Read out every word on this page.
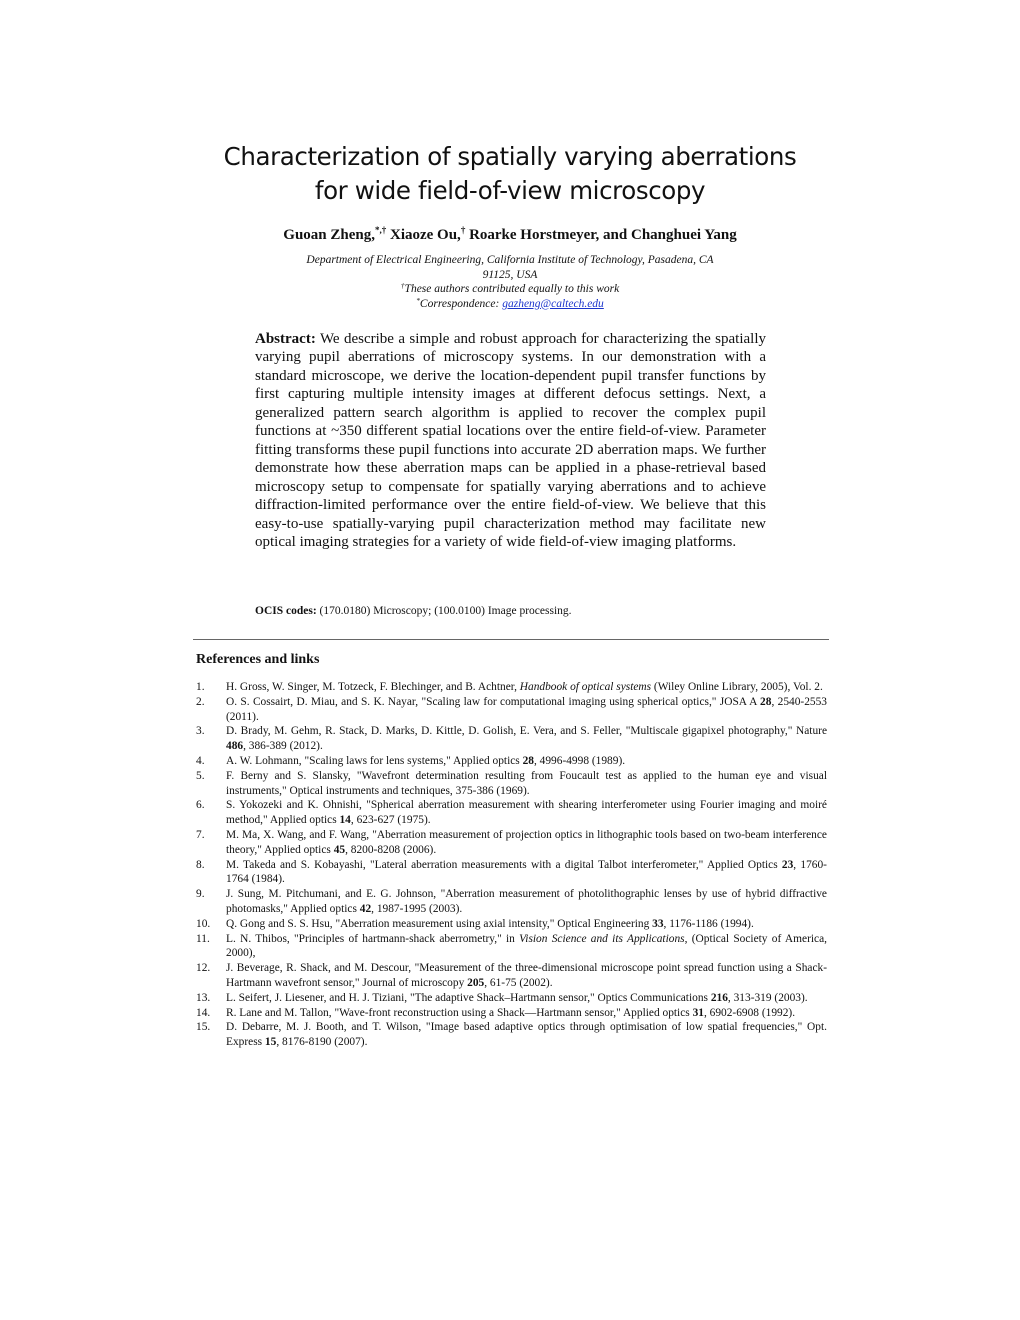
Characterization of spatially varying aberrations
for wide field-of-view microscopy
Guoan Zheng,*,† Xiaoze Ou,† Roarke Horstmeyer, and Changhuei Yang
Department of Electrical Engineering, California Institute of Technology, Pasadena, CA
91125, USA
†These authors contributed equally to this work
*Correspondence: gazheng@caltech.edu
Abstract: We describe a simple and robust approach for characterizing the spatially varying pupil aberrations of microscopy systems. In our demonstration with a standard microscope, we derive the location-dependent pupil transfer functions by first capturing multiple intensity images at different defocus settings. Next, a generalized pattern search algorithm is applied to recover the complex pupil functions at ~350 different spatial locations over the entire field-of-view. Parameter fitting transforms these pupil functions into accurate 2D aberration maps. We further demonstrate how these aberration maps can be applied in a phase-retrieval based microscopy setup to compensate for spatially varying aberrations and to achieve diffraction-limited performance over the entire field-of-view. We believe that this easy-to-use spatially-varying pupil characterization method may facilitate new optical imaging strategies for a variety of wide field-of-view imaging platforms.
OCIS codes: (170.0180) Microscopy; (100.0100) Image processing.
References and links
1. H. Gross, W. Singer, M. Totzeck, F. Blechinger, and B. Achtner, Handbook of optical systems (Wiley Online Library, 2005), Vol. 2.
2. O. S. Cossairt, D. Miau, and S. K. Nayar, "Scaling law for computational imaging using spherical optics," JOSA A 28, 2540-2553 (2011).
3. D. Brady, M. Gehm, R. Stack, D. Marks, D. Kittle, D. Golish, E. Vera, and S. Feller, "Multiscale gigapixel photography," Nature 486, 386-389 (2012).
4. A. W. Lohmann, "Scaling laws for lens systems," Applied optics 28, 4996-4998 (1989).
5. F. Berny and S. Slansky, "Wavefront determination resulting from Foucault test as applied to the human eye and visual instruments," Optical instruments and techniques, 375-386 (1969).
6. S. Yokozeki and K. Ohnishi, "Spherical aberration measurement with shearing interferometer using Fourier imaging and moiré method," Applied optics 14, 623-627 (1975).
7. M. Ma, X. Wang, and F. Wang, "Aberration measurement of projection optics in lithographic tools based on two-beam interference theory," Applied optics 45, 8200-8208 (2006).
8. M. Takeda and S. Kobayashi, "Lateral aberration measurements with a digital Talbot interferometer," Applied Optics 23, 1760-1764 (1984).
9. J. Sung, M. Pitchumani, and E. G. Johnson, "Aberration measurement of photolithographic lenses by use of hybrid diffractive photomasks," Applied optics 42, 1987-1995 (2003).
10. Q. Gong and S. S. Hsu, "Aberration measurement using axial intensity," Optical Engineering 33, 1176-1186 (1994).
11. L. N. Thibos, "Principles of hartmann-shack aberrometry," in Vision Science and its Applications, (Optical Society of America, 2000),
12. J. Beverage, R. Shack, and M. Descour, "Measurement of the three‐dimensional microscope point spread function using a Shack‐Hartmann wavefront sensor," Journal of microscopy 205, 61-75 (2002).
13. L. Seifert, J. Liesener, and H. J. Tiziani, "The adaptive Shack–Hartmann sensor," Optics Communications 216, 313-319 (2003).
14. R. Lane and M. Tallon, "Wave-front reconstruction using a Shack—Hartmann sensor," Applied optics 31, 6902-6908 (1992).
15. D. Debarre, M. J. Booth, and T. Wilson, "Image based adaptive optics through optimisation of low spatial frequencies," Opt. Express 15, 8176-8190 (2007).
